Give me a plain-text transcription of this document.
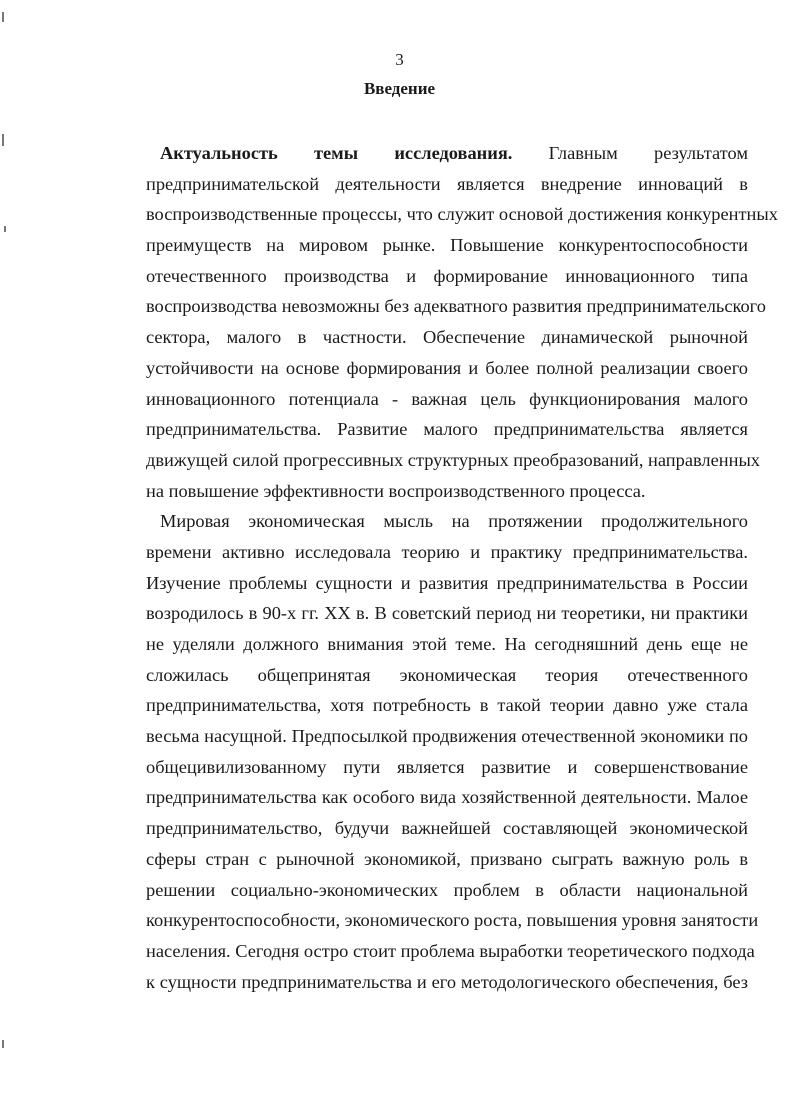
3
Введение
Актуальность темы исследования. Главным результатом
предпринимательской деятельности является внедрение инноваций в
воспроизводственные процессы, что служит основой достижения конкурентных
преимуществ на мировом рынке. Повышение конкурентоспособности
отечественного производства и формирование инновационного типа
воспроизводства невозможны без адекватного развития предпринимательского
сектора, малого в частности. Обеспечение динамической рыночной
устойчивости на основе формирования и более полной реализации своего
инновационного потенциала - важная цель функционирования малого
предпринимательства. Развитие малого предпринимательства является
движущей силой прогрессивных структурных преобразований, направленных
на повышение эффективности воспроизводственного процесса.
Мировая экономическая мысль на протяжении продолжительного
времени активно исследовала теорию и практику предпринимательства.
Изучение проблемы сущности и развития предпринимательства в России
возродилось в 90-х гг. XX в. В советский период ни теоретики, ни практики
не уделяли должного внимания этой теме. На сегодняшний день еще не
сложилась общепринятая экономическая теория отечественного
предпринимательства, хотя потребность в такой теории давно уже стала
весьма насущной. Предпосылкой продвижения отечественной экономики по
общецивилизованному пути является развитие и совершенствование
предпринимательства как особого вида хозяйственной деятельности. Малое
предпринимательство, будучи важнейшей составляющей экономической
сферы стран с рыночной экономикой, призвано сыграть важную роль в
решении социально-экономических проблем в области национальной
конкурентоспособности, экономического роста, повышения уровня занятости
населения. Сегодня остро стоит проблема выработки теоретического подхода
к сущности предпринимательства и его методологического обеспечения, без
